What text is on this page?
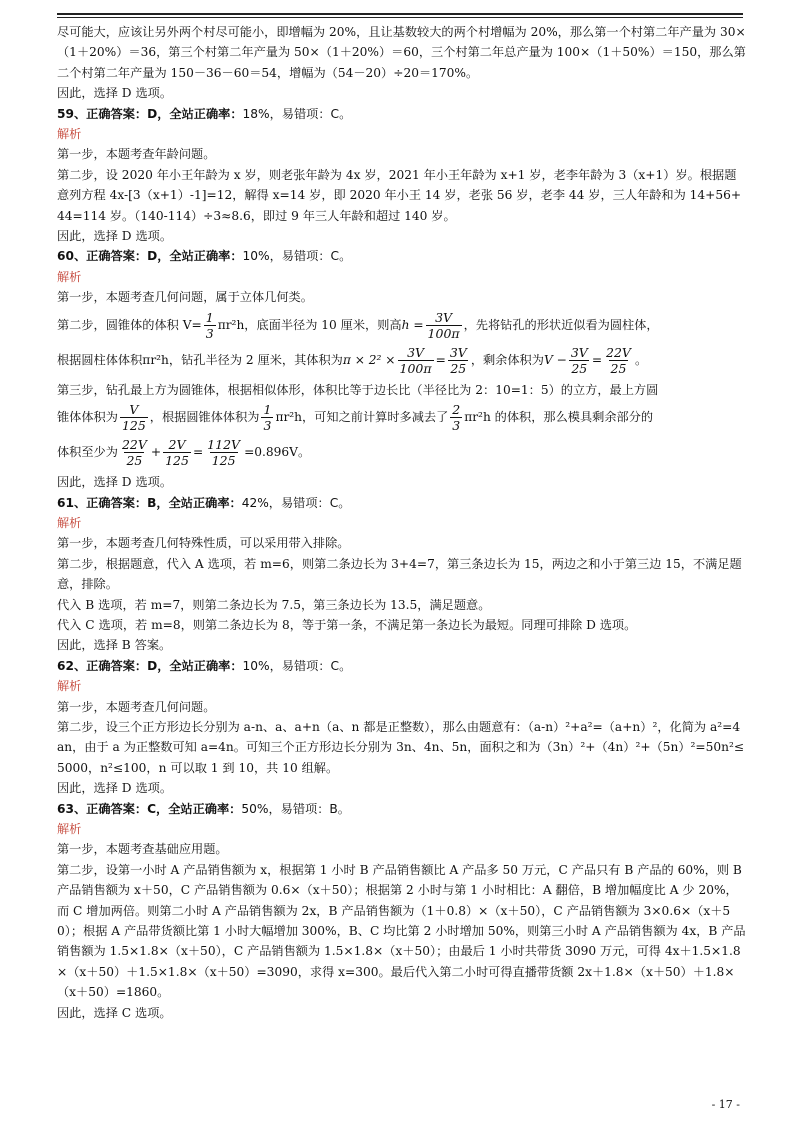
尽可能大，应该让另外两个村尽可能小，即增幅为 20%，且让基数较大的两个村增幅为 20%，那么第一个村第二年产量为 30×（1＋20%）＝36，第三个村第二年产量为 50×（1＋20%）＝60，三个村第二年总产量为 100×（1＋50%）＝150，那么第二个村第二年产量为 150－36－60＝54，增幅为（54－20）÷20＝170%。

因此，选择 D 选项。

59、正确答案：D，全站正确率：18%，易错项：C。

解析

第一步，本题考查年龄问题。

第二步，设 2020 年小王年龄为 x 岁，则老张年龄为 4x 岁，2021 年小王年龄为 x+1 岁，老李年龄为 3（x+1）岁。根据题意列方程 4x-[3（x+1）-1]=12，解得 x=14 岁，即 2020 年小王 14 岁，老张 56 岁，老李 44 岁，三人年龄和为 14+56+44=114 岁。（140-114）÷3≈8.6，即过 9 年三人年龄和超过 140 岁。

因此，选择 D 选项。

60、正确答案：D，全站正确率：10%，易错项：C。

解析

第一步，本题考查几何问题，属于立体几何类。

第二步，圆锥体的体积 $V= \frac{1}{3} \pi r^2h$，底面半径为 10 厘米，则高$h = \frac{3V}{100\pi}$ ，先将钻孔的形状近似看为圆柱体，

根据圆柱体体积πr²h，钻孔半径为 2 厘米，其体积为$\pi \times 2^2 \times \frac{3V}{100\pi} = \frac{3V}{25}$ ，剩余体积为$V - \frac{3V}{25} = \frac{22V}{25}$ 。

第三步，钻孔最上方为圆锥体，根据相似体形，体积比等于边长比（半径比为 2：10=1：5）的立方，最上方圆

锥体体积为 $\frac{V}{125}$ ，根据圆锥体体积为 $\frac{1}{3} \pi r^2h$，可知之前计算时多减去了 $\frac{2}{3} \pi r^2h$ 的体积，那么模具剩余部分的

体积至少为 $\frac{22V}{25} + \frac{2V}{125} = \frac{112V}{125} =0.896V$。

因此，选择 D 选项。

61、正确答案：B，全站正确率：42%，易错项：C。

解析

第一步，本题考查几何特殊性质，可以采用带入排除。

第二步，根据题意，代入 A 选项，若 m=6，则第二条边长为 3+4=7，第三条边长为 15，两边之和小于第三边 15，不满足题意，排除。

代入 B 选项，若 m=7，则第二条边长为 7.5，第三条边长为 13.5，满足题意。

代入 C 选项，若 m=8，则第二条边长为 8，等于第一条，不满足第一条边长为最短。同理可排除 D 选项。

因此，选择 B 答案。

62、正确答案：D，全站正确率：10%，易错项：C。

解析

第一步，本题考查几何问题。

第二步，设三个正方形边长分别为 a-n、a、a+n（a、n 都是正整数），那么由题意有：（a-n）²+a²=（a+n）²，化简为 a²=4an，由于 a 为正整数可知 a=4n。可知三个正方形边长分别为 3n、4n、5n，面积之和为（3n）²+（4n）²+（5n）²=50n²≤5000，n²≤100，n 可以取 1 到 10，共 10 组解。

因此，选择 D 选项。

63、正确答案：C，全站正确率：50%，易错项：B。

解析

第一步，本题考查基础应用题。

第二步，设第一小时 A 产品销售额为 x，根据第 1 小时 B 产品销售额比 A 产品多 50 万元，C 产品只有 B 产品的 60%，则 B 产品销售额为 x＋50，C 产品销售额为 0.6×（x＋50）；根据第 2 小时与第 1 小时相比：A 翻倍，B 增加幅度比 A 少 20%，而 C 增加两倍。则第二小时 A 产品销售额为 2x，B 产品销售额为（1＋0.8）×（x＋50），C 产品销售额为 3×0.6×（x＋50）；根据 A 产品带货额比第 1 小时大幅增加 300%，B、C 均比第 2 小时增加 50%，则第三小时 A 产品销售额为 4x，B 产品销售额为 1.5×1.8×（x＋50），C 产品销售额为 1.5×1.8×（x＋50）；由最后 1 小时共带货 3090 万元，可得 4x＋1.5×1.8×（x＋50）＋1.5×1.8×（x＋50）=3090，求得 x=300。最后代入第二小时可得直播带货额 2x＋1.8×（x＋50）＋1.8×（x＋50）=1860。

因此，选择 C 选项。

- 17 -
